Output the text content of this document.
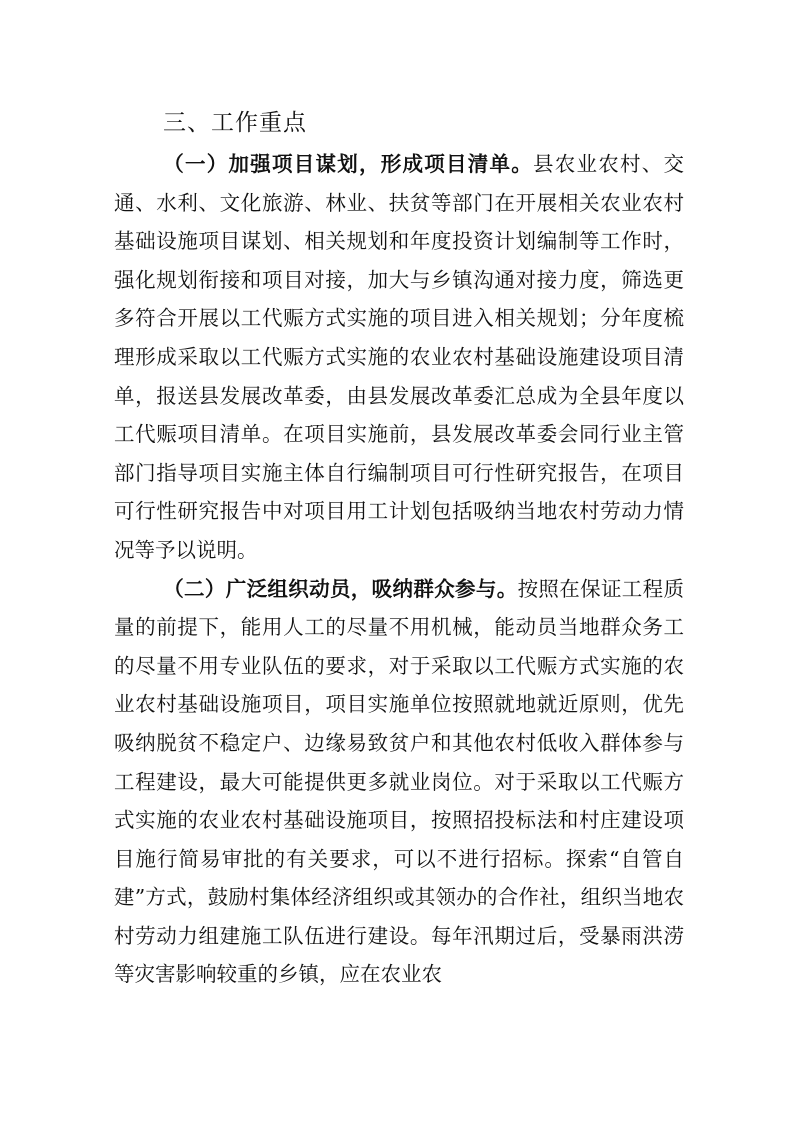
三、工作重点

（一）加强项目谋划，形成项目清单。县农业农村、交通、水利、文化旅游、林业、扶贫等部门在开展相关农业农村基础设施项目谋划、相关规划和年度投资计划编制等工作时，强化规划衔接和项目对接，加大与乡镇沟通对接力度，筛选更多符合开展以工代赈方式实施的项目进入相关规划；分年度梳理形成采取以工代赈方式实施的农业农村基础设施建设项目清单，报送县发展改革委，由县发展改革委汇总成为全县年度以工代赈项目清单。在项目实施前，县发展改革委会同行业主管部门指导项目实施主体自行编制项目可行性研究报告，在项目可行性研究报告中对项目用工计划包括吸纳当地农村劳动力情况等予以说明。

（二）广泛组织动员，吸纳群众参与。按照在保证工程质量的前提下，能用人工的尽量不用机械，能动员当地群众务工的尽量不用专业队伍的要求，对于采取以工代赈方式实施的农业农村基础设施项目，项目实施单位按照就地就近原则，优先吸纳脱贫不稳定户、边缘易致贫户和其他农村低收入群体参与工程建设，最大可能提供更多就业岗位。对于采取以工代赈方式实施的农业农村基础设施项目，按照招投标法和村庄建设项目施行简易审批的有关要求，可以不进行招标。探索“自管自建”方式，鼓励村集体经济组织或其领办的合作社，组织当地农村劳动力组建施工队伍进行建设。每年汛期过后，受暴雨洪涝等灾害影响较重的乡镇，应在农业农
